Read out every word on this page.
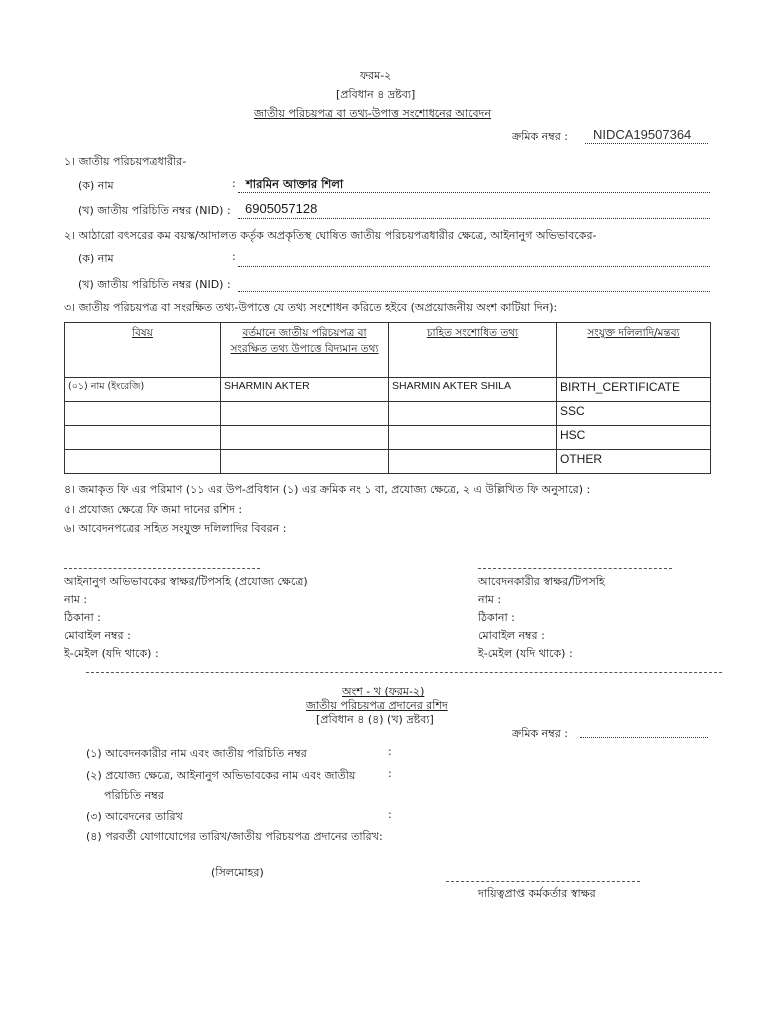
ফরম-২
[প্রবিধান ৪ দ্রষ্টব্য]
জাতীয় পরিচয়পত্র বা তথ্য-উপাত্ত সংশোধনের আবেদন
ক্রমিক নম্বর : NIDCA19507364
১। জাতীয় পরিচয়পত্রধারীর-
(ক) নাম	: শারমিন আক্তার শিলা
(খ) জাতীয় পরিচিতি নম্বর (NID) : 6905057128
২। আঠারো বৎসরের কম বয়স্ক/আদালত কর্তৃক অপ্রকৃতিস্থ ঘোষিত জাতীয় পরিচয়পত্রধারীর ক্ষেত্রে, আইনানুগ অভিভাবকের-
(ক) নাম	:
(খ) জাতীয় পরিচিতি নম্বর (NID) :
৩। জাতীয় পরিচয়পত্র বা সংরক্ষিত তথ্য-উপাত্তে যে তথ্য সংশোধন করিতে হইবে (অপ্রয়োজনীয় অংশ কাটিয়া দিন):
বিষয়	বর্তমানে জাতীয় পরিচয়পত্র বা সংরক্ষিত তথ্য উপাত্তে বিদ্যমান তথ্য	চাহিত সংশোধিত তথ্য	সংযুক্ত দলিলাদি/মন্তব্য
(০১) নাম (ইংরেজি)	SHARMIN AKTER	SHARMIN AKTER SHILA	BIRTH_CERTIFICATE
			SSC
			HSC
			OTHER
৪। জমাকৃত ফি এর পরিমাণ (১১ এর উপ-প্রবিধান (১) এর ক্রমিক নং ১ বা, প্রযোজ্য ক্ষেত্রে, ২ এ উল্লিখিত ফি অনুসারে) :
৫। প্রযোজ্য ক্ষেত্রে ফি জমা দানের রশিদ :
৬। আবেদনপত্রের সহিত সংযুক্ত দলিলাদির বিবরন :
আইনানুগ অভিভাবকের স্বাক্ষর/টিপসহি (প্রযোজ্য ক্ষেত্রে)
নাম :
ঠিকানা :
মোবাইল নম্বর :
ই-মেইল (যদি থাকে) :
আবেদনকারীর স্বাক্ষর/টিপসহি
নাম :
ঠিকানা :
মোবাইল নম্বর :
ই-মেইল (যদি থাকে) :
অংশ - খ (ফরম-২)
জাতীয় পরিচয়পত্র প্রদানের রশিদ
[প্রবিধান ৪ (৪) (খ) দ্রষ্টব্য]
ক্রমিক নম্বর :
(১) আবেদনকারীর নাম এবং জাতীয় পরিচিতি নম্বর	:
(২) প্রযোজ্য ক্ষেত্রে, আইনানুগ অভিভাবকের নাম এবং জাতীয়	:
পরিচিতি নম্বর
(৩) আবেদনের তারিখ	:
(৪) পরবর্তী যোগাযোগের তারিখ/জাতীয় পরিচয়পত্র প্রদানের তারিখ:
(সিলমোহর)
দায়িত্বপ্রাপ্ত কর্মকর্তার স্বাক্ষর
